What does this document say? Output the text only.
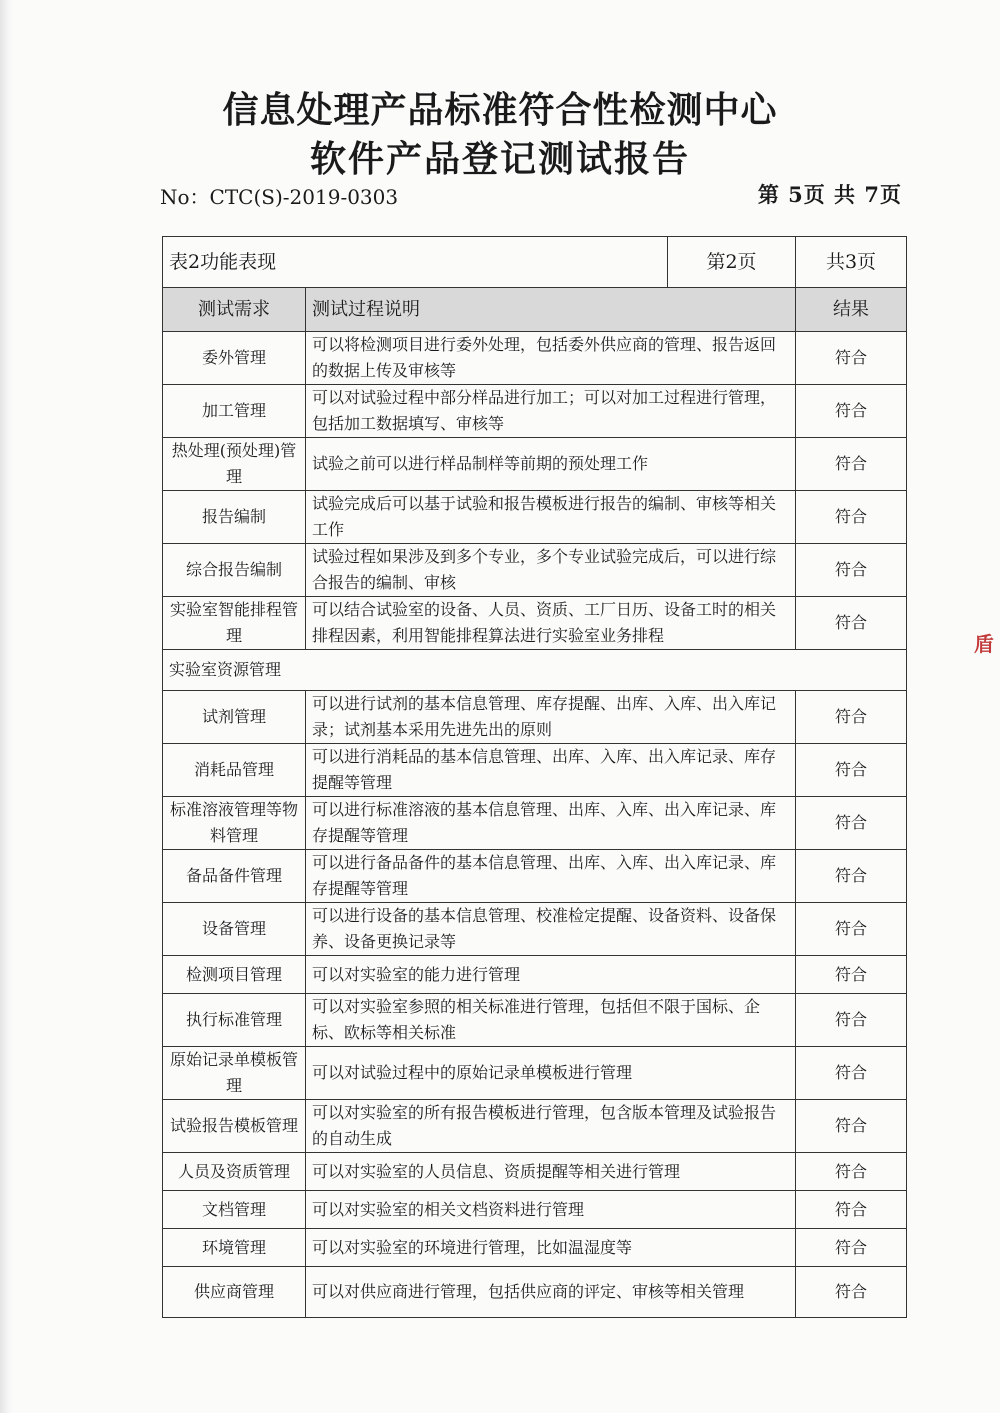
信息处理产品标准符合性检测中心
软件产品登记测试报告
No：CTC(S)-2019-0303	第 5页 共 7页
表2功能表现		第2页	共3页
测试需求	测试过程说明		结果
委外管理	可以将检测项目进行委外处理，包括委外供应商的管理、报告返回的数据上传及审核等		符合
加工管理	可以对试验过程中部分样品进行加工；可以对加工过程进行管理，包括加工数据填写、审核等		符合
热处理(预处理)管理	试验之前可以进行样品制样等前期的预处理工作		符合
报告编制	试验完成后可以基于试验和报告模板进行报告的编制、审核等相关工作		符合
综合报告编制	试验过程如果涉及到多个专业，多个专业试验完成后，可以进行综合报告的编制、审核		符合
实验室智能排程管理	可以结合试验室的设备、人员、资质、工厂日历、设备工时的相关排程因素，利用智能排程算法进行实验室业务排程		符合
实验室资源管理			
试剂管理	可以进行试剂的基本信息管理、库存提醒、出库、入库、出入库记录；试剂基本采用先进先出的原则		符合
消耗品管理	可以进行消耗品的基本信息管理、出库、入库、出入库记录、库存提醒等管理		符合
标准溶液管理等物料管理	可以进行标准溶液的基本信息管理、出库、入库、出入库记录、库存提醒等管理		符合
备品备件管理	可以进行备品备件的基本信息管理、出库、入库、出入库记录、库存提醒等管理		符合
设备管理	可以进行设备的基本信息管理、校准检定提醒、设备资料、设备保养、设备更换记录等		符合
检测项目管理	可以对实验室的能力进行管理		符合
执行标准管理	可以对实验室参照的相关标准进行管理，包括但不限于国标、企标、欧标等相关标准		符合
原始记录单模板管理	可以对试验过程中的原始记录单模板进行管理		符合
试验报告模板管理	可以对实验室的所有报告模板进行管理，包含版本管理及试验报告的自动生成		符合
人员及资质管理	可以对实验室的人员信息、资质提醒等相关进行管理		符合
文档管理	可以对实验室的相关文档资料进行管理		符合
环境管理	可以对实验室的环境进行管理，比如温湿度等		符合
供应商管理	可以对供应商进行管理，包括供应商的评定、审核等相关管理		符合
盾
